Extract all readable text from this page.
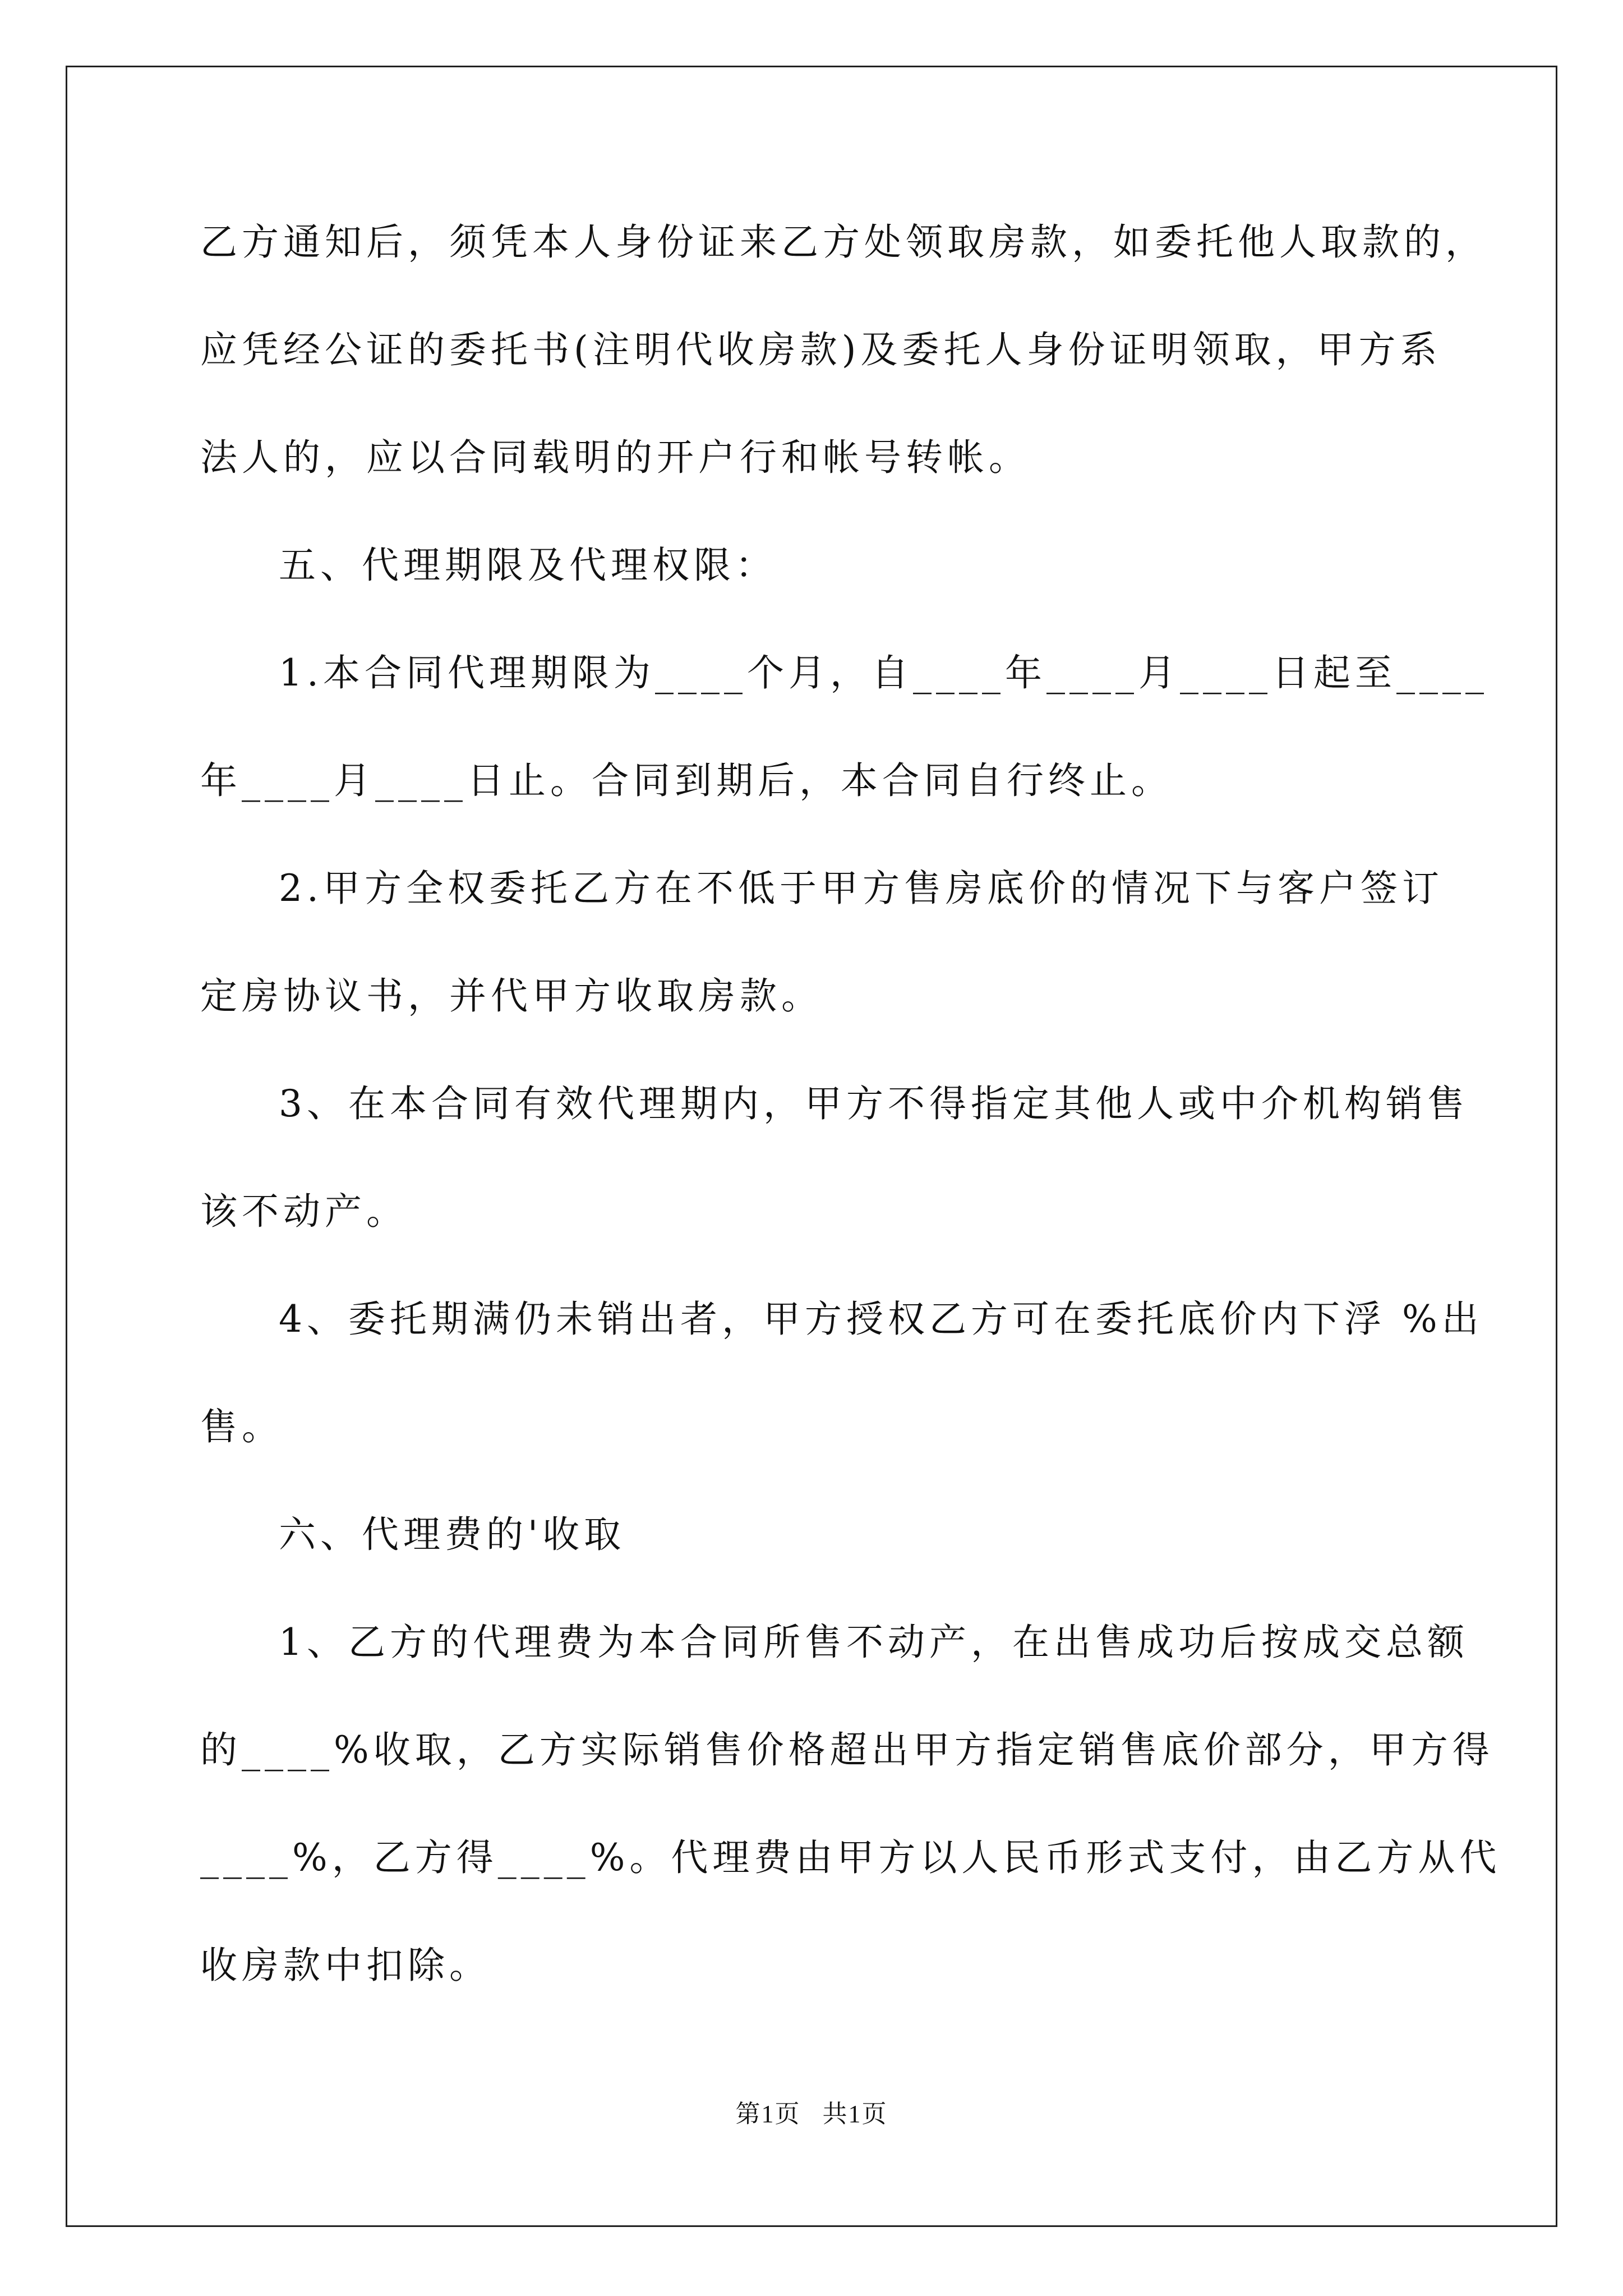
乙方通知后，须凭本人身份证来乙方处领取房款，如委托他人取款的，
应凭经公证的委托书(注明代收房款)及委托人身份证明领取，甲方系
法人的，应以合同载明的开户行和帐号转帐。
五、代理期限及代理权限：
1.本合同代理期限为____个月，自____年____月____日起至____
年____月____日止。合同到期后，本合同自行终止。
2.甲方全权委托乙方在不低于甲方售房底价的情况下与客户签订
定房协议书，并代甲方收取房款。
3、在本合同有效代理期内，甲方不得指定其他人或中介机构销售
该不动产。
4、委托期满仍未销出者，甲方授权乙方可在委托底价内下浮 %出
售。
六、代理费的'收取
1、乙方的代理费为本合同所售不动产，在出售成功后按成交总额
的____%收取，乙方实际销售价格超出甲方指定销售底价部分，甲方得
____%，乙方得____%。代理费由甲方以人民币形式支付，由乙方从代
收房款中扣除。
第1页   共1页
